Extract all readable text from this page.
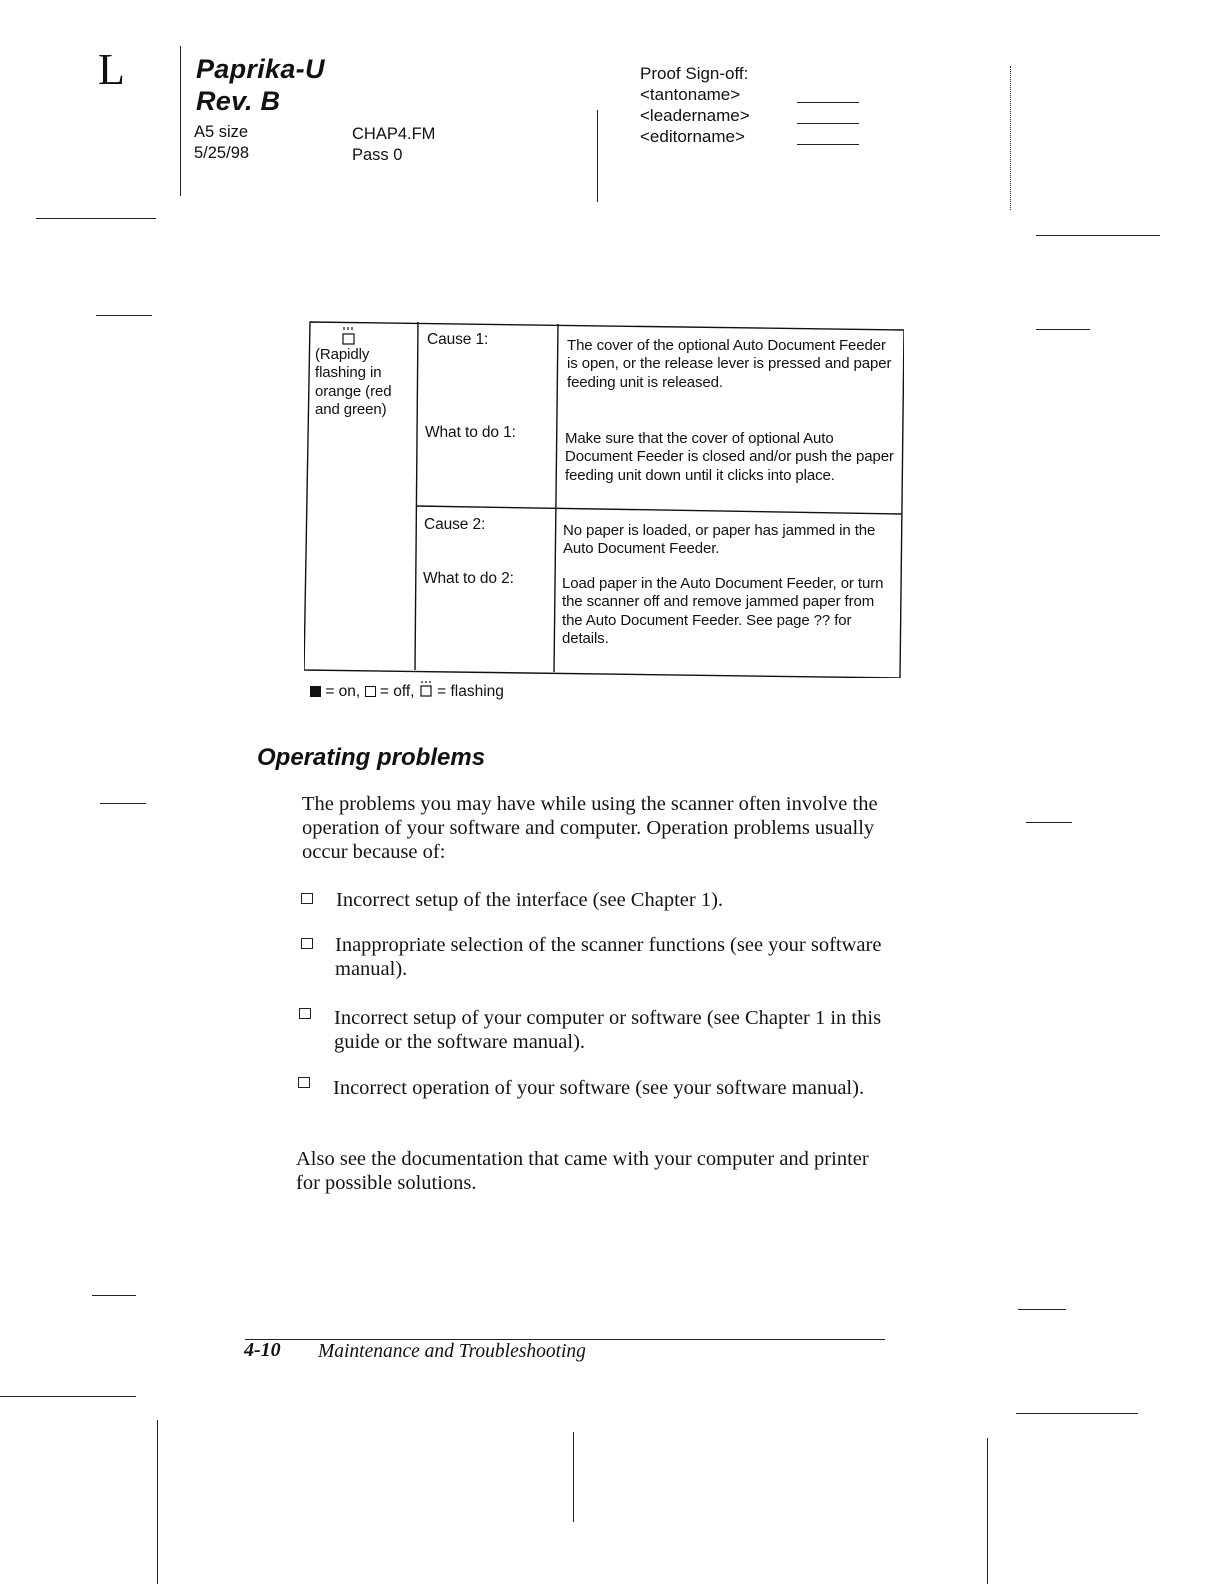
L	Paprika-U
Rev. B
A5 size
5/25/98
CHAP4.FM
Pass 0
Proof Sign-off:
<tantoname>
<leadername>
<editorname>
(Rapidly flashing in orange (red and green)
Cause 1:	The cover of the optional Auto Document Feeder is open, or the release lever is pressed and paper feeding unit is released.
What to do 1:	Make sure that the cover of optional Auto Document Feeder is closed and/or push the paper feeding unit down until it clicks into place.
Cause 2:	No paper is loaded, or paper has jammed in the Auto Document Feeder.
What to do 2:	Load paper in the Auto Document Feeder, or turn the scanner off and remove jammed paper from the Auto Document Feeder. See page ?? for details.
= on, = off, = flashing
Operating problems
The problems you may have while using the scanner often involve the operation of your software and computer. Operation problems usually occur because of:
Incorrect setup of the interface (see Chapter 1).
Inappropriate selection of the scanner functions (see your software manual).
Incorrect setup of your computer or software (see Chapter 1 in this guide or the software manual).
Incorrect operation of your software (see your software manual).
Also see the documentation that came with your computer and printer for possible solutions.
4-10 Maintenance and Troubleshooting
